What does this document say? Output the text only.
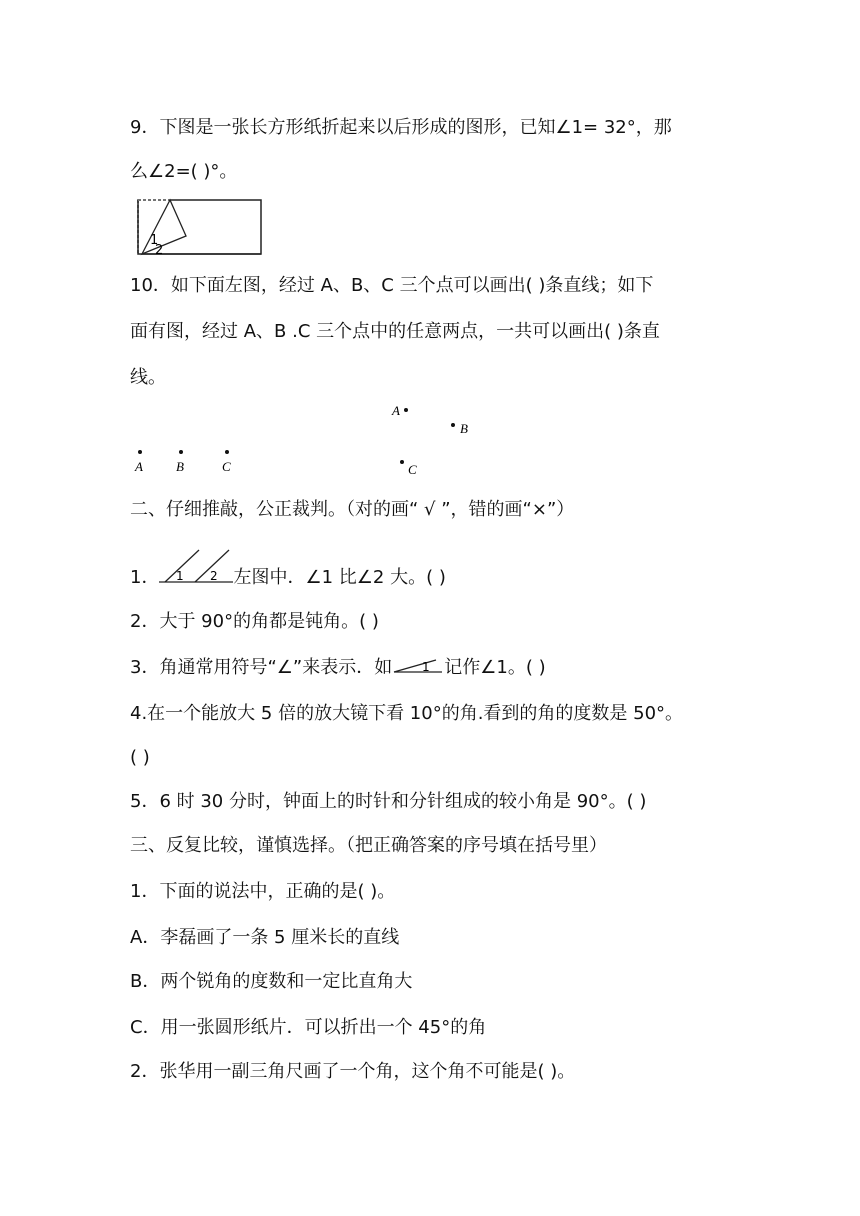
9．下图是一张长方形纸折起来以后形成的图形，已知∠1= 32°，那
么∠2=( )°。
1
2
10．如下面左图，经过 A、B、C 三个点可以画出( )条直线；如下
面有图，经过 A、B .C 三个点中的任意两点，一共可以画出( )条直
线。
A	B	C
A
B
C
二、仔细推敲，公正裁判。（对的画“ √ ”，错的画“×”）
1． 1 2 左图中．∠1 比∠2 大。( )
2．大于 90°的角都是钝角。( )
3．角通常用符号“∠”来表示．如	1 记作∠1。( )
4.在一个能放大 5 倍的放大镜下看 10°的角.看到的角的度数是 50°。
( )
5．6 时 30 分时，钟面上的时针和分针组成的较小角是 90°。( )
三、反复比较，谨慎选择。（把正确答案的序号填在括号里）
1．下面的说法中，正确的是( )。
A．李磊画了一条 5 厘米长的直线
B．两个锐角的度数和一定比直角大
C．用一张圆形纸片．可以折出一个 45°的角
2．张华用一副三角尺画了一个角，这个角不可能是( )。
